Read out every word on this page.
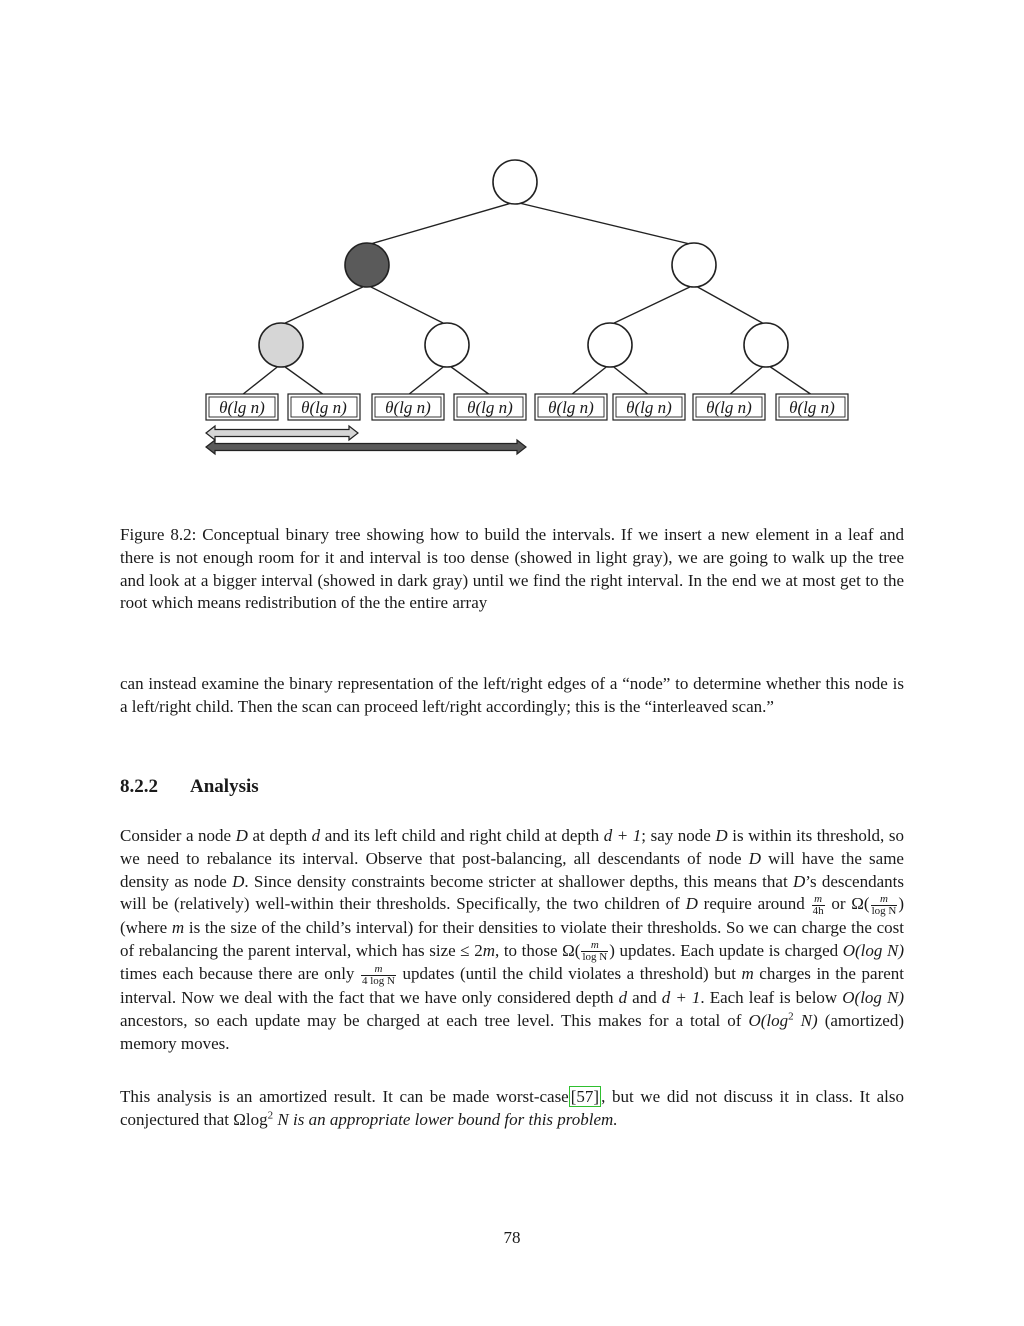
θ(lg n) θ(lg n) θ(lg n) θ(lg n) θ(lg n) θ(lg n) θ(lg n) θ(lg n)

Figure 8.2: Conceptual binary tree showing how to build the intervals. If we insert a new element in a leaf and there is not enough room for it and interval is too dense (showed in light gray), we are going to walk up the tree and look at a bigger interval (showed in dark gray) until we find the right interval. In the end we at most get to the root which means redistribution of the the entire array

can instead examine the binary representation of the left/right edges of a “node” to determine whether this node is a left/right child. Then the scan can proceed left/right accordingly; this is the “interleaved scan.”

8.2.2 Analysis

Consider a node D at depth d and its left child and right child at depth d + 1; say node D is within its threshold, so we need to rebalance its interval. Observe that post-balancing, all descendants of node D will have the same density as node D. Since density constraints become stricter at shallower depths, this means that D’s descendants will be (relatively) well-within their thresholds. Specifically, the two children of D require around $\frac{m}{4h}$ or $\Omega( \frac{m}{\text{log N}}$ ) (where m is the size of the child’s interval) for their densities to violate their thresholds. So we can charge the cost of rebalancing the parent interval, which has size ≤ 2m, to those $\Omega( \frac{m}{\text{log N}}$ ) updates. Each update is charged O(log N) times each because there are only $\frac{m}{\text{4 log N}}$ updates (until the child violates a threshold) but m charges in the parent interval. Now we deal with the fact that we have only considered depth d and d + 1. Each leaf is below O(log N) ancestors, so each update may be charged at each tree level. This makes for a total of $O(\log^2$ N) (amortized) memory moves.

This analysis is an amortized result. It can be made worst-case [57] , but we did not discuss it in class. It also conjectured that Ωlog$^2$ N is an appropriate lower bound for this problem.

78
